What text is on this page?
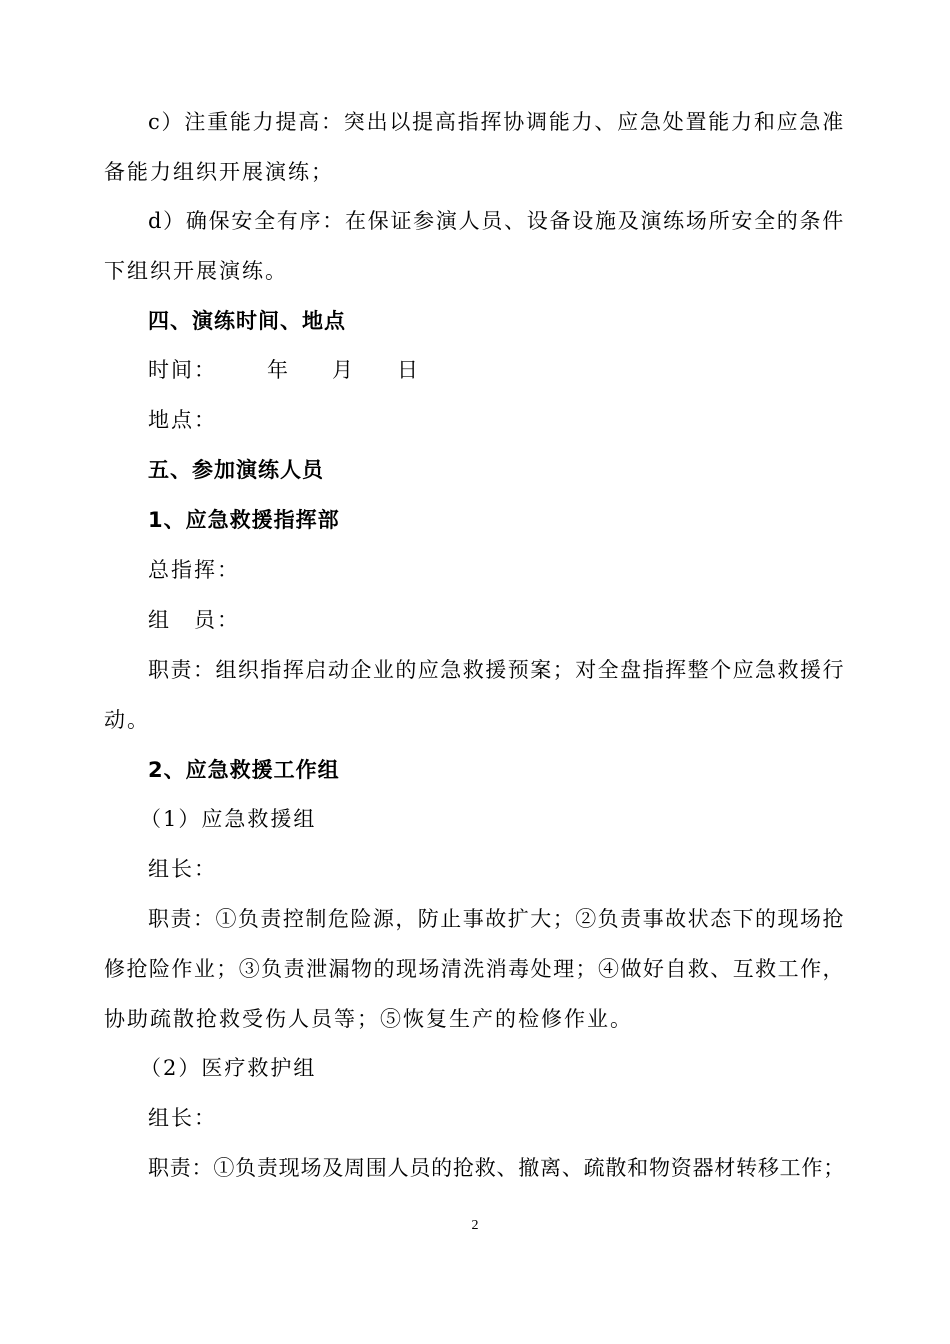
c）注重能力提高：突出以提高指挥协调能力、应急处置能力和应急准
备能力组织开展演练；
d）确保安全有序：在保证参演人员、设备设施及演练场所安全的条件
下组织开展演练。
四、演练时间、地点
时间： 年 月 日
地点：
五、参加演练人员
1、应急救援指挥部
总指挥：
组　员：
职责：组织指挥启动企业的应急救援预案；对全盘指挥整个应急救援行
动。
2、应急救援工作组
（1）应急救援组
组长：
职责：①负责控制危险源，防止事故扩大；②负责事故状态下的现场抢
修抢险作业；③负责泄漏物的现场清洗消毒处理；④做好自救、互救工作，
协助疏散抢救受伤人员等；⑤恢复生产的检修作业。
（2）医疗救护组
组长：
职责：①负责现场及周围人员的抢救、撤离、疏散和物资器材转移工作；
2
